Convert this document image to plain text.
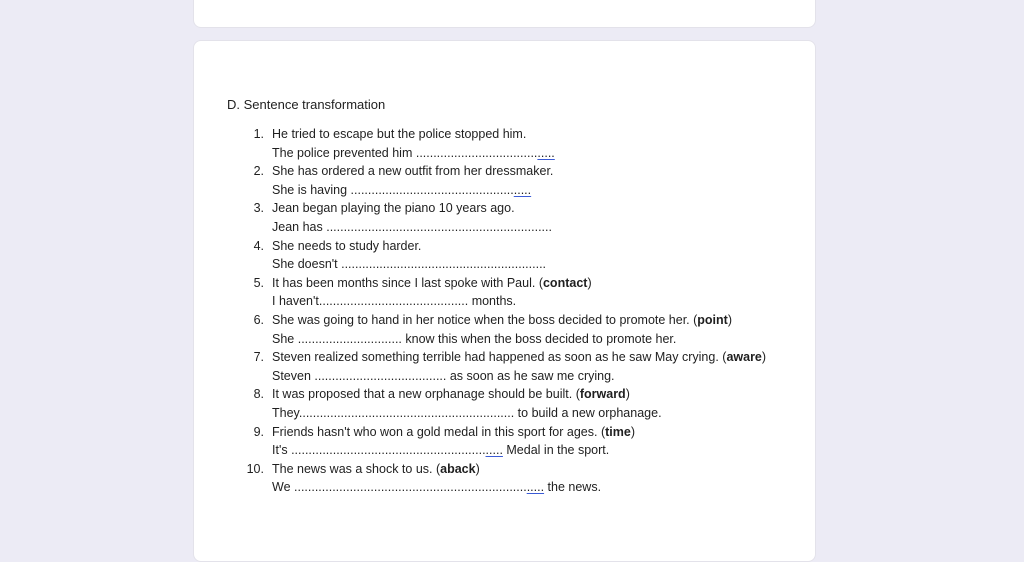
D. Sentence transformation
1. He tried to escape but the police stopped him.
The police prevented him ........................................
2. She has ordered a new outfit from her dressmaker.
She is having ....................................................
3. Jean began playing the piano 10 years ago.
Jean has .................................................................
4. She needs to study harder.
She doesn't ...........................................................
5. It has been months since I last spoke with Paul. (contact)
I haven't........................................... months.
6. She was going to hand in her notice when the boss decided to promote her. (point)
She .............................. know this when the boss decided to promote her.
7. Steven realized something terrible had happened as soon as he saw May crying. (aware)
Steven ...................................... as soon as he saw me crying.
8. It was proposed that a new orphanage should be built. (forward)
They.............................................................. to build a new orphanage.
9. Friends hasn't who won a gold medal in this sport for ages. (time)
It's ............................................................. Medal in the sport.
10. The news was a shock to us. (aback)
We ........................................................................ the news.
